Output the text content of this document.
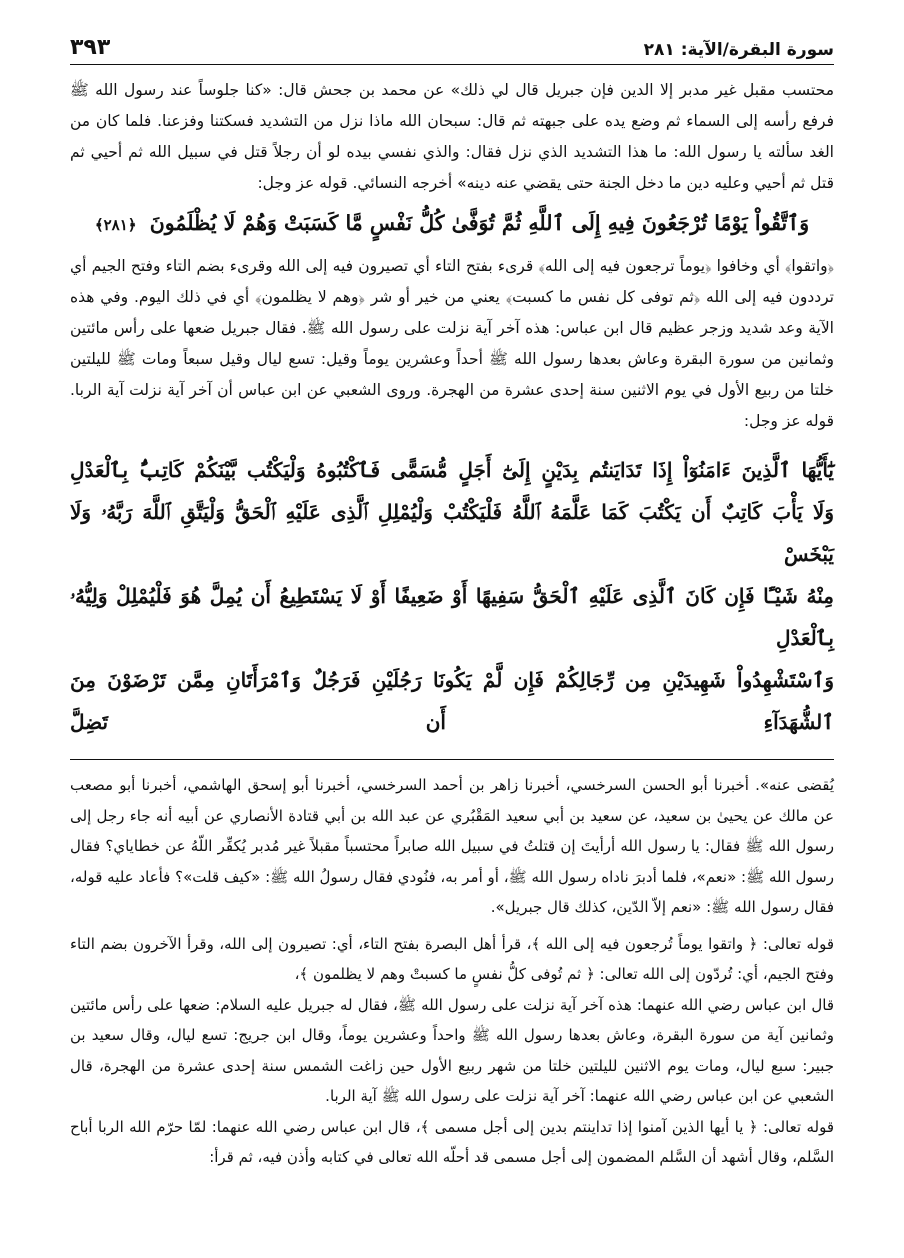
سورة البقرة/الآية: ٢٨١
٣٩٣

محتسب مقبل غير مدبر إلا الدين فإن جبريل قال لي ذلك» عن محمد بن جحش قال: «كنا جلوساً عند رسول الله ﷺ فرفع رأسه إلى السماء ثم وضع يده على جبهته ثم قال: سبحان الله ماذا نزل من التشديد فسكتنا وفزعنا. فلما كان من الغد سألته يا رسول الله: ما هذا التشديد الذي نزل فقال: والذي نفسي بيده لو أن رجلاً قتل في سبيل الله ثم أحيي ثم قتل ثم أحيي وعليه دين ما دخل الجنة حتى يقضي عنه دينه» أخرجه النسائي. قوله عز وجل:

وَٱتَّقُواْ يَوْمًا تُرْجَعُونَ فِيهِ إِلَى ٱللَّهِ ثُمَّ تُوَفَّىٰ كُلُّ نَفْسٍ مَّا كَسَبَتْ وَهُمْ لَا يُظْلَمُونَ ﴿٢٨١﴾

﴿واتقوا﴾ أي وخافوا ﴿يوماً ترجعون فيه إلى الله﴾ قرىء بفتح التاء أي تصيرون فيه إلى الله وقرىء بضم التاء وفتح الجيم أي ترددون فيه إلى الله ﴿ثم توفى كل نفس ما كسبت﴾ يعني من خير أو شر ﴿وهم لا يظلمون﴾ أي في ذلك اليوم. وفي هذه الآية وعد شديد وزجر عظيم قال ابن عباس: هذه آخر آية نزلت على رسول الله ﷺ. فقال جبريل ضعها على رأس مائتين وثمانين من سورة البقرة وعاش بعدها رسول الله ﷺ أحداً وعشرين يوماً وقيل: تسع ليال وقيل سبعاً ومات ﷺ لليلتين خلتا من ربيع الأول في يوم الاثنين سنة إحدى عشرة من الهجرة. وروى الشعبي عن ابن عباس أن آخر آية نزلت آية الربا. قوله عز وجل:

يَٰٓأَيُّهَا ٱلَّذِينَ ءَامَنُوٓاْ إِذَا تَدَايَنتُم بِدَيْنٍ إِلَىٰٓ أَجَلٍ مُّسَمًّى فَٱكْتُبُوهُ وَلْيَكْتُب بَّيْنَكُمْ كَاتِبٌۢ بِٱلْعَدْلِ
وَلَا يَأْبَ كَاتِبٌ أَن يَكْتُبَ كَمَا عَلَّمَهُ ٱللَّهُ فَلْيَكْتُبْ وَلْيُمْلِلِ ٱلَّذِى عَلَيْهِ ٱلْحَقُّ وَلْيَتَّقِ ٱللَّهَ رَبَّهُۥ وَلَا يَبْخَسْ
مِنْهُ شَيْـًٔا فَإِن كَانَ ٱلَّذِى عَلَيْهِ ٱلْحَقُّ سَفِيهًا أَوْ ضَعِيفًا أَوْ لَا يَسْتَطِيعُ أَن يُمِلَّ هُوَ فَلْيُمْلِلْ وَلِيُّهُۥ بِٱلْعَدْلِ
وَٱسْتَشْهِدُواْ شَهِيدَيْنِ مِن رِّجَالِكُمْ فَإِن لَّمْ يَكُونَا رَجُلَيْنِ فَرَجُلٌ وَٱمْرَأَتَانِ مِمَّن تَرْضَوْنَ مِنَ ٱلشُّهَدَآءِ أَن تَضِلَّ

يُقضى عنه». أخبرنا أبو الحسن السرخسي، أخبرنا زاهر بن أحمد السرخسي، أخبرنا أبو إسحق الهاشمي، أخبرنا أبو مصعب عن مالك عن يحيىٰ بن سعيد، عن سعيد بن أبي سعيد المَقْبُري عن عبد الله بن أبي قتادة الأنصاري عن أبيه أنه جاء رجل إلى رسول الله ﷺ فقال: يا رسول الله أرأيتَ إن قتلتُ في سبيل الله صابراً محتسباً مقبلاً غير مُدبر يُكفِّر اللّهُ عن خطاياي؟ فقال رسول الله ﷺ: «نعم»، فلما أدبرَ ناداه رسول الله ﷺ، أو أمر به، فنُودي فقال رسولُ الله ﷺ: «كيف قلت»؟ فأعاد عليه قوله، فقال رسول الله ﷺ: «نعم إلاّ الدّين، كذلك قال جبريل».

قوله تعالى: ﴿ واتقوا يوماً تُرجعون فيه إلى الله ﴾، قرأ أهل البصرة بفتح التاء، أي: تصيرون إلى الله، وقرأ الآخرون بضم التاء وفتح الجيم، أي: تُردّون إلى الله تعالى: ﴿ ثم تُوفى كلُّ نفسٍ ما كسبتْ وهم لا يظلمون ﴾،

قال ابن عباس رضي الله عنهما: هذه آخر آية نزلت على رسول الله ﷺ، فقال له جبريل عليه السلام: ضعها على رأس مائتين وثمانين آية من سورة البقرة، وعاش بعدها رسول الله ﷺ واحداً وعشرين يوماً، وقال ابن جريج: تسع ليال، وقال سعيد بن جبير: سبع ليال، ومات يوم الاثنين لليلتين خلتا من شهر ربيع الأول حين زاغت الشمس سنة إحدى عشرة من الهجرة، قال الشعبي عن ابن عباس رضي الله عنهما: آخر آية نزلت على رسول الله ﷺ آية الربا.

قوله تعالى: ﴿ يا أيها الذين آمنوا إذا تداينتم بدين إلى أجل مسمى ﴾، قال ابن عباس رضي الله عنهما: لمّا حرّم الله الربا أباح السَّلم، وقال أشهد أن السَّلم المضمون إلى أجل مسمى قد أحلّه الله تعالى في كتابه وأذن فيه، ثم قرأ:
